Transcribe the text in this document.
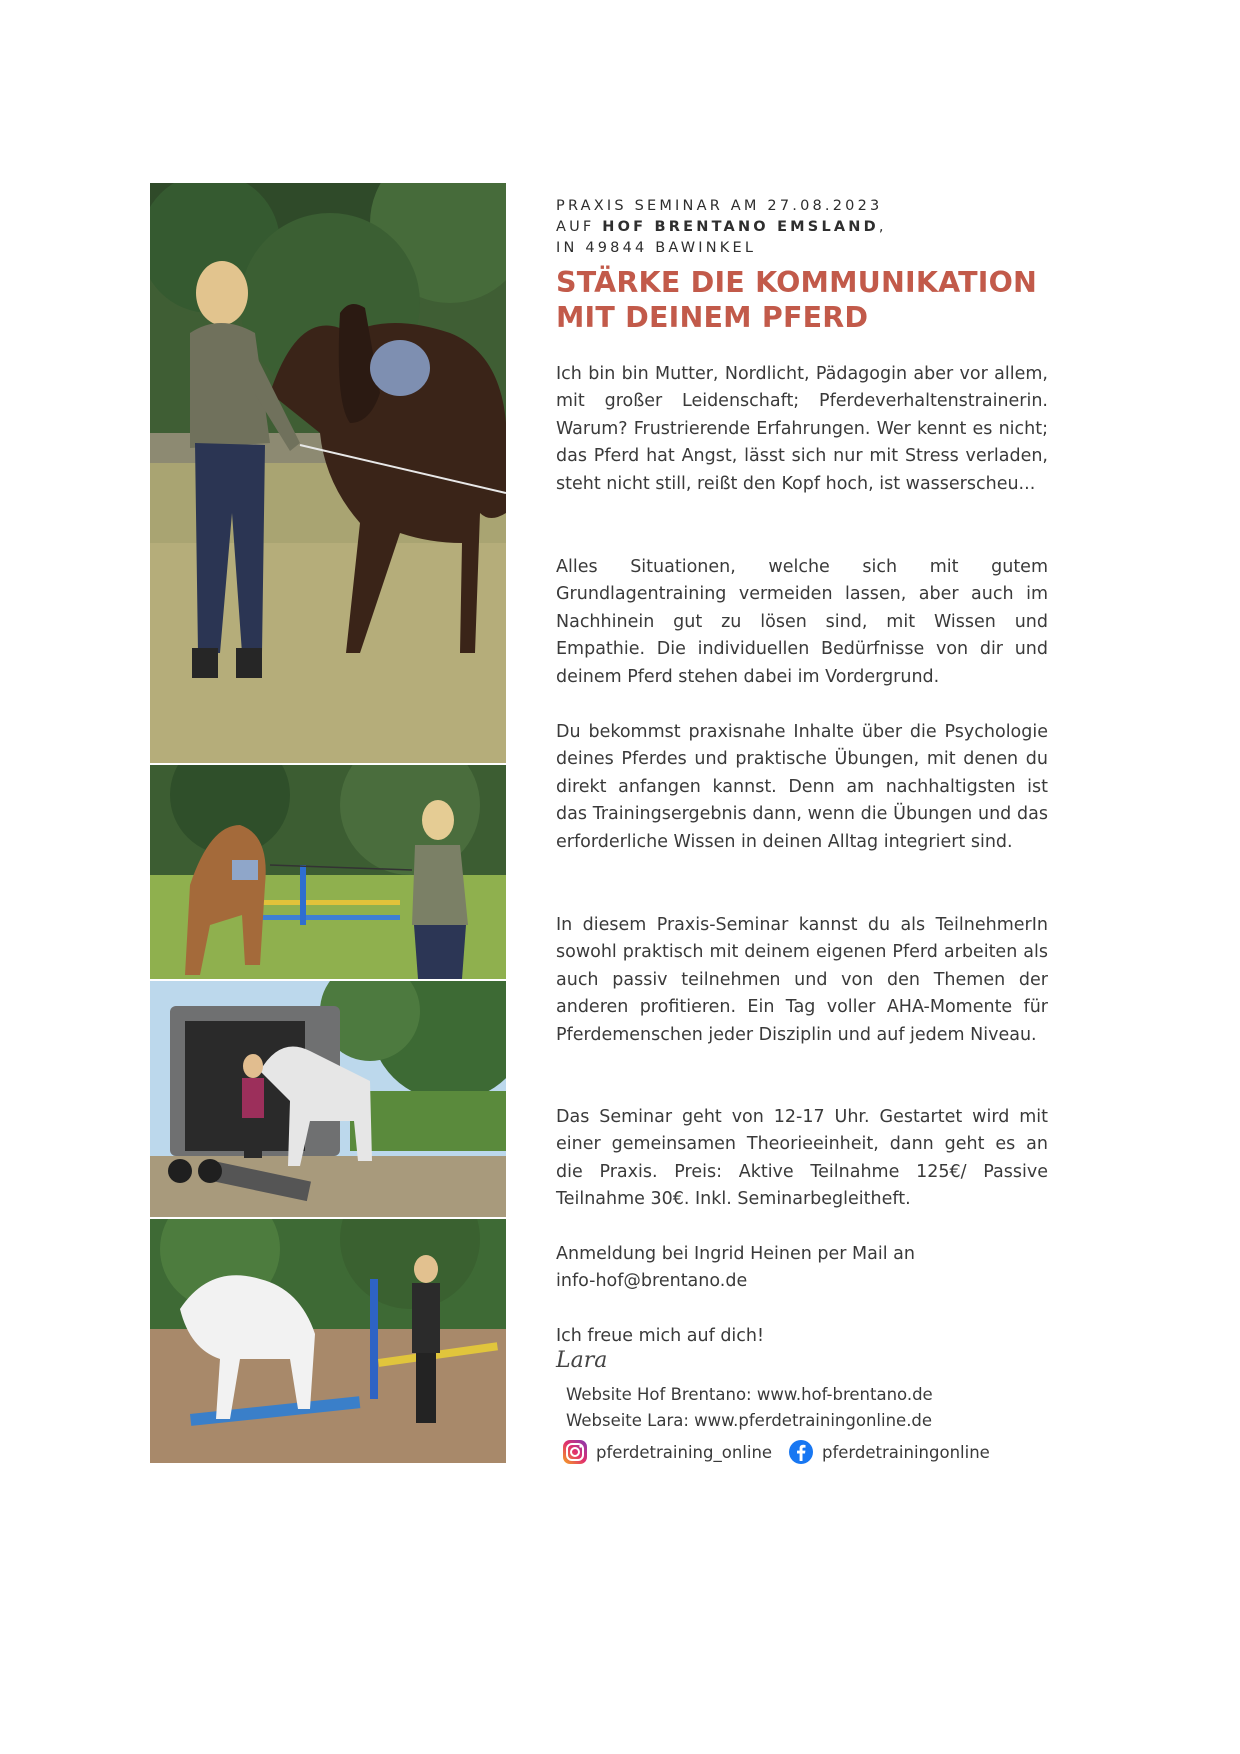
PRAXIS SEMINAR AM 27.08.2023
AUF HOF BRENTANO EMSLAND,
IN 49844 BAWINKEL
STÄRKE DIE KOMMUNIKATION
MIT DEINEM PFERD

Ich bin bin Mutter, Nordlicht, Pädagogin aber vor allem, mit großer Leidenschaft; Pferdeverhaltenstrainerin. Warum? Frustrierende Erfahrungen. Wer kennt es nicht; das Pferd hat Angst, lässt sich nur mit Stress verladen, steht nicht still, reißt den Kopf hoch, ist wasserscheu...

Alles Situationen, welche sich mit gutem Grundlagentraining vermeiden lassen, aber auch im Nachhinein gut zu lösen sind, mit Wissen und Empathie. Die individuellen Bedürfnisse von dir und deinem Pferd stehen dabei im Vordergrund.

Du bekommst praxisnahe Inhalte über die Psychologie deines Pferdes und praktische Übungen, mit denen du direkt anfangen kannst. Denn am nachhaltigsten ist das Trainingsergebnis dann, wenn die Übungen und das erforderliche Wissen in deinen Alltag integriert sind.

In diesem Praxis-Seminar kannst du als TeilnehmerIn sowohl praktisch mit deinem eigenen Pferd arbeiten als auch passiv teilnehmen und von den Themen der anderen profitieren. Ein Tag voller AHA-Momente für Pferdemenschen jeder Disziplin und auf jedem Niveau.

Das Seminar geht von 12-17 Uhr. Gestartet wird mit einer gemeinsamen Theorieeinheit, dann geht es an die Praxis. Preis: Aktive Teilnahme 125€/ Passive Teilnahme 30€. Inkl. Seminarbegleitheft.

Anmeldung bei Ingrid Heinen per Mail an

info-hof@brentano.de

Ich freue mich auf dich!

Lara
Website Hof Brentano: www.hof-brentano.de
Webseite Lara: www.pferdetrainingonline.de
pferdetraining_online	pferdetrainingonline
